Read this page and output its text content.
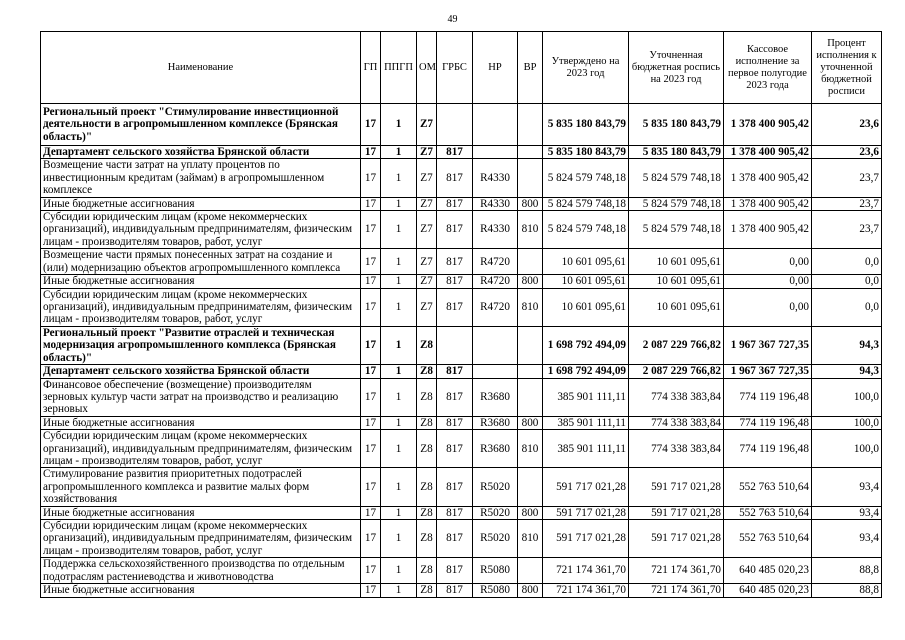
49
Наименование	ГП	ППГП	ОМ	ГРБС	НР	ВР	Утверждено на 2023 год	Уточненная бюджетная роспись на 2023 год	Кассовое исполнение за первое полугодие 2023 года	Процент исполнения к уточненной бюджетной росписи
Региональный проект "Стимулирование инвестиционной деятельности в агропромышленном комплексе (Брянская область)"	17	1	Z7				5 835 180 843,79	5 835 180 843,79	1 378 400 905,42	23,6
Департамент сельского хозяйства Брянской области	17	1	Z7	817			5 835 180 843,79	5 835 180 843,79	1 378 400 905,42	23,6
Возмещение части затрат на уплату процентов по инвестиционным кредитам (займам) в агропромышленном комплексе	17	1	Z7	817	R4330		5 824 579 748,18	5 824 579 748,18	1 378 400 905,42	23,7
Иные бюджетные ассигнования	17	1	Z7	817	R4330	800	5 824 579 748,18	5 824 579 748,18	1 378 400 905,42	23,7
Субсидии юридическим лицам (кроме некоммерческих организаций), индивидуальным предпринимателям, физическим лицам - производителям товаров, работ, услуг	17	1	Z7	817	R4330	810	5 824 579 748,18	5 824 579 748,18	1 378 400 905,42	23,7
Возмещение части прямых понесенных затрат на создание и (или) модернизацию объектов агропромышленного комплекса	17	1	Z7	817	R4720		10 601 095,61	10 601 095,61	0,00	0,0
Иные бюджетные ассигнования	17	1	Z7	817	R4720	800	10 601 095,61	10 601 095,61	0,00	0,0
Субсидии юридическим лицам (кроме некоммерческих организаций), индивидуальным предпринимателям, физическим лицам - производителям товаров, работ, услуг	17	1	Z7	817	R4720	810	10 601 095,61	10 601 095,61	0,00	0,0
Региональный проект "Развитие отраслей и техническая модернизация агропромышленного комплекса (Брянская область)"	17	1	Z8				1 698 792 494,09	2 087 229 766,82	1 967 367 727,35	94,3
Департамент сельского хозяйства Брянской области	17	1	Z8	817			1 698 792 494,09	2 087 229 766,82	1 967 367 727,35	94,3
Финансовое обеспечение (возмещение) производителям зерновых культур части затрат на производство и реализацию зерновых	17	1	Z8	817	R3680		385 901 111,11	774 338 383,84	774 119 196,48	100,0
Иные бюджетные ассигнования	17	1	Z8	817	R3680	800	385 901 111,11	774 338 383,84	774 119 196,48	100,0
Субсидии юридическим лицам (кроме некоммерческих организаций), индивидуальным предпринимателям, физическим лицам - производителям товаров, работ, услуг	17	1	Z8	817	R3680	810	385 901 111,11	774 338 383,84	774 119 196,48	100,0
Стимулирование развития приоритетных подотраслей агропромышленного комплекса и развитие малых форм хозяйствования	17	1	Z8	817	R5020		591 717 021,28	591 717 021,28	552 763 510,64	93,4
Иные бюджетные ассигнования	17	1	Z8	817	R5020	800	591 717 021,28	591 717 021,28	552 763 510,64	93,4
Субсидии юридическим лицам (кроме некоммерческих организаций), индивидуальным предпринимателям, физическим лицам - производителям товаров, работ, услуг	17	1	Z8	817	R5020	810	591 717 021,28	591 717 021,28	552 763 510,64	93,4
Поддержка сельскохозяйственного производства по отдельным подотраслям растениеводства и животноводства	17	1	Z8	817	R5080		721 174 361,70	721 174 361,70	640 485 020,23	88,8
Иные бюджетные ассигнования	17	1	Z8	817	R5080	800	721 174 361,70	721 174 361,70	640 485 020,23	88,8
